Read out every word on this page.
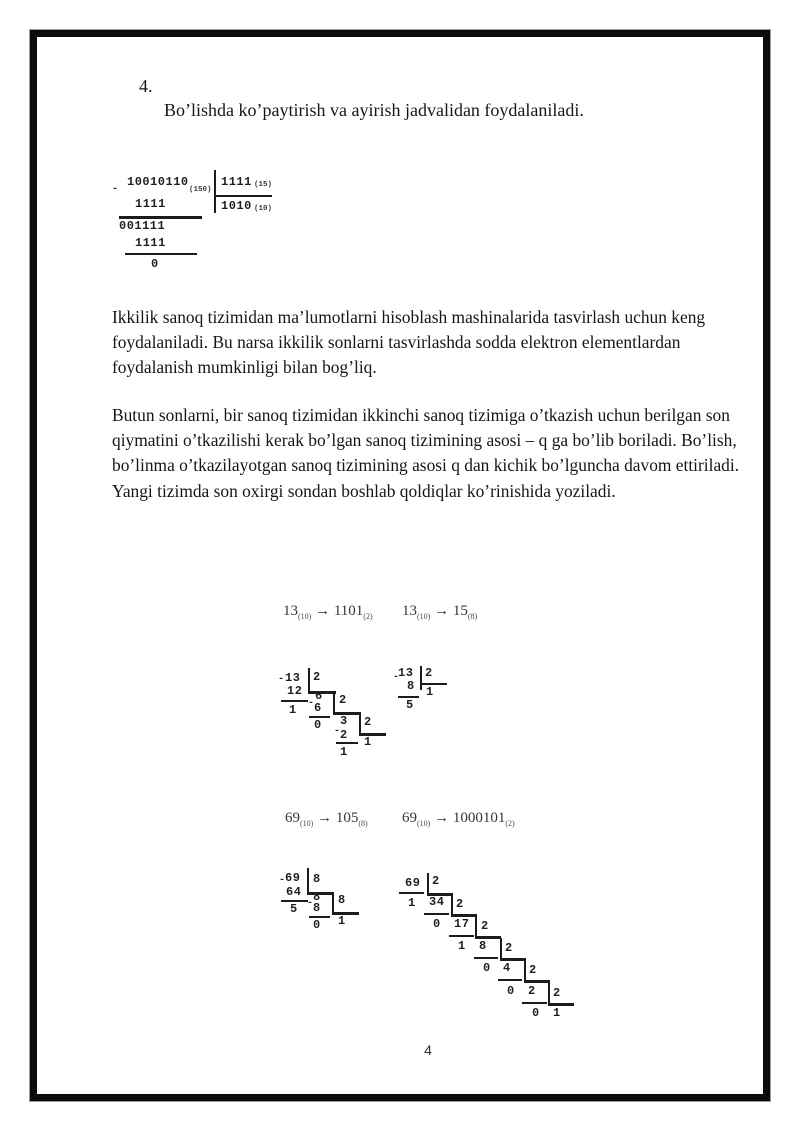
4.
Bo’lishda ko’paytirish va ayirish jadvalidan foydalaniladi.
Ikkilik sanoq tizimidan ma’lumotlarni hisoblash mashinalarida tasvirlash uchun keng foydalaniladi. Bu narsa ikkilik sonlarni tasvirlashda sodda elektron elementlardan foydalanish mumkinligi bilan bog’liq.
Butun sonlarni, bir sanoq tizimidan ikkinchi sanoq tizimiga o’tkazish uchun berilgan son qiymatini o’tkazilishi kerak bo’lgan sanoq tizimining asosi – q ga bo’lib boriladi. Bo’lish, bo’linma o’tkazilayotgan sanoq tizimining asosi q dan kichik bo’lguncha davom ettiriladi. Yangi tizimda son oxirgi sondan boshlab qoldiqlar ko’rinishida yoziladi.
$13_{(10)} \to 1101_{(2)}$ $13_{(10)} \to 15_{(8)}$
$69_{(10)} \to 105_{(8)}$ $69_{(10)} \to 1000101_{(2)}$
-
10010110
(150)
1111 (15)
1010 (10)
1111
001111
1111
0
- 13 2
12 6
1 - 6
2
0 3
- 2
1
2
1
-
13 2
8 1
5
- 69 8
64 8
5 - 8
8
0 1
69 2
1 34 2
0 17 2
1 8 2
0 4 2
0 2 2
0 1
4
